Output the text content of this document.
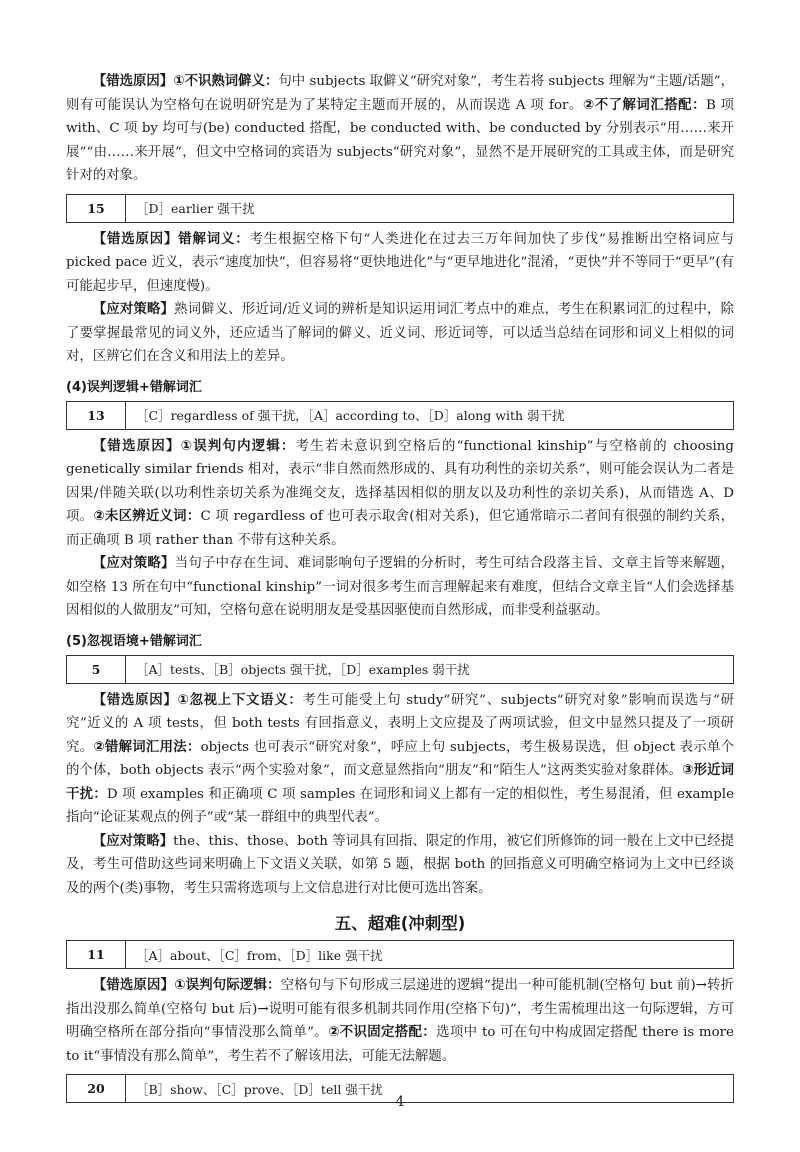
【错选原因】①不识熟词僻义：句中 subjects 取僻义“研究对象”，考生若将 subjects 理解为“主题/话题”，则有可能误认为空格句在说明研究是为了某特定主题而开展的，从而误选 A 项 for。②不了解词汇搭配：B 项 with、C 项 by 均可与(be) conducted 搭配，be conducted with、be conducted by 分别表示“用……来开展”“由……来开展”，但文中空格词的宾语为 subjects“研究对象”，显然不是开展研究的工具或主体，而是研究针对的对象。

15	［D］earlier 强干扰

【错选原因】错解词义：考生根据空格下句“人类进化在过去三万年间加快了步伐”易推断出空格词应与 picked pace 近义，表示“速度加快”，但容易将“更快地进化”与“更早地进化”混淆，“更快”并不等同于“更早”(有可能起步早，但速度慢)。

【应对策略】熟词僻义、形近词/近义词的辨析是知识运用词汇考点中的难点，考生在积累词汇的过程中，除了要掌握最常见的词义外，还应适当了解词的僻义、近义词、形近词等，可以适当总结在词形和词义上相似的词对，区辨它们在含义和用法上的差异。

(4)误判逻辑+错解词汇
13	［C］regardless of 强干扰，［A］according to、［D］along with 弱干扰

【错选原因】①误判句内逻辑：考生若未意识到空格后的“functional kinship”与空格前的 choosing genetically similar friends 相对，表示“非自然而然形成的、具有功利性的亲切关系”，则可能会误认为二者是因果/伴随关联(以功利性亲切关系为准绳交友，选择基因相似的朋友以及功利性的亲切关系)，从而错选 A、D 项。②未区辨近义词：C 项 regardless of 也可表示取舍(相对关系)，但它通常暗示二者间有很强的制约关系，而正确项 B 项 rather than 不带有这种关系。

【应对策略】当句子中存在生词、难词影响句子逻辑的分析时，考生可结合段落主旨、文章主旨等来解题，如空格 13 所在句中“functional kinship”一词对很多考生而言理解起来有难度，但结合文章主旨“人们会选择基因相似的人做朋友”可知，空格句意在说明朋友是受基因驱使而自然形成，而非受利益驱动。

(5)忽视语境+错解词汇
5	［A］tests、［B］objects 强干扰，［D］examples 弱干扰

【错选原因】①忽视上下文语义：考生可能受上句 study“研究”、subjects“研究对象”影响而误选与“研究”近义的 A 项 tests，但 both tests 有回指意义，表明上文应提及了两项试验，但文中显然只提及了一项研究。②错解词汇用法：objects 也可表示“研究对象”，呼应上句 subjects，考生极易误选，但 object 表示单个的个体，both objects 表示“两个实验对象”，而文意显然指向“朋友”和“陌生人”这两类实验对象群体。③形近词干扰：D 项 examples 和正确项 C 项 samples 在词形和词义上都有一定的相似性，考生易混淆，但 example 指向“论证某观点的例子”或“某一群组中的典型代表”。

【应对策略】the、this、those、both 等词具有回指、限定的作用，被它们所修饰的词一般在上文中已经提及，考生可借助这些词来明确上下文语义关联，如第 5 题，根据 both 的回指意义可明确空格词为上文中已经谈及的两个(类)事物，考生只需将选项与上文信息进行对比便可选出答案。

五、超难(冲刺型)
11	［A］about、［C］from、［D］like 强干扰

【错选原因】①误判句际逻辑：空格句与下句形成三层递进的逻辑“提出一种可能机制(空格句 but 前)→转折指出没那么简单(空格句 but 后)→说明可能有很多机制共同作用(空格下句)”，考生需梳理出这一句际逻辑，方可明确空格所在部分指向“事情没那么简单”。②不识固定搭配：选项中 to 可在句中构成固定搭配 there is more to it“事情没有那么简单”，考生若不了解该用法，可能无法解题。

20	［B］show、［C］prove、［D］tell 强干扰
4
